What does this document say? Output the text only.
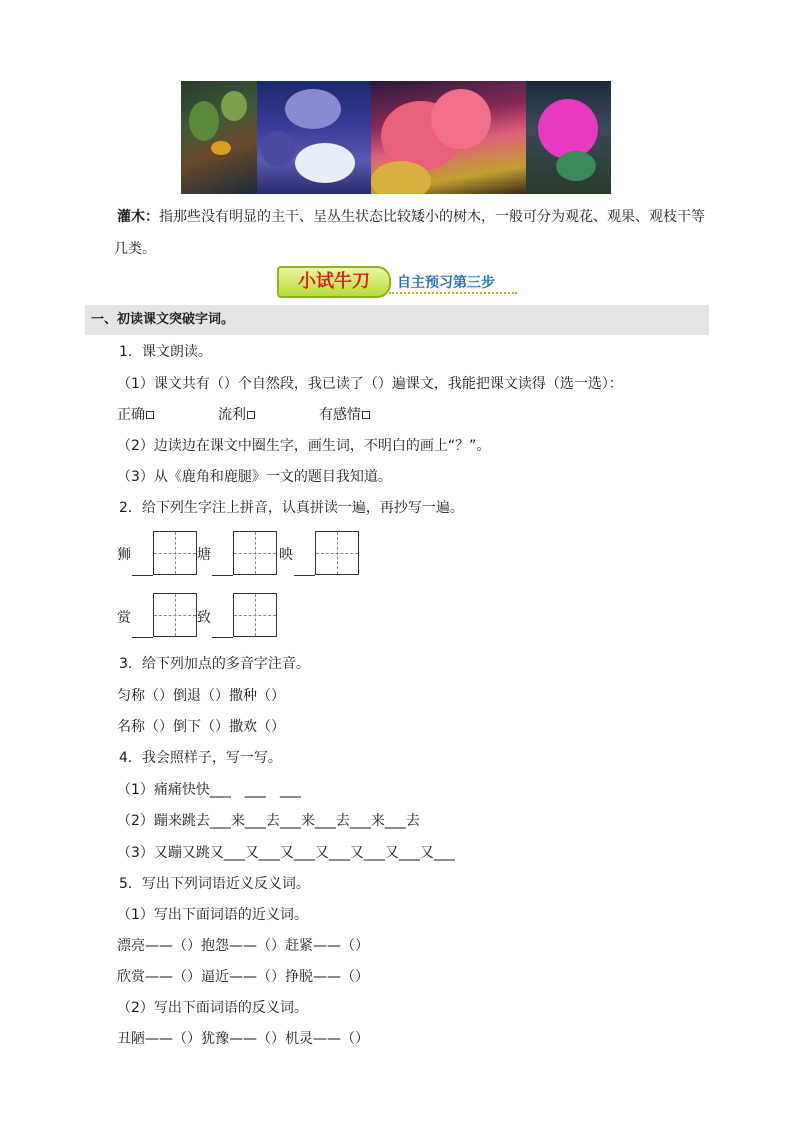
灌木：指那些没有明显的主干、呈丛生状态比较矮小的树木，一般可分为观花、观果、观枝干等
几类。
小试牛刀	自主预习第三步
一、初读课文突破字词。
1．课文朗读。
（1）课文共有（）个自然段，我已读了（）遍课文，我能把课文读得（选一选）：
正确	流利	有感情
（2）边读边在课文中圈生字，画生词，不明白的画上“？”。
（3）从《鹿角和鹿腿》一文的题目我知道。
2．给下列生字注上拼音，认真拼读一遍，再抄写一遍。
狮	塘	映
赏	致
3．给下列加点的多音字注音。
匀称（）倒退（）撒种（）
名称（）倒下（）撒欢（）
4．我会照样子，写一写。
（1）痛痛快快___　___　___
（2）蹦来跳去___来___去___来___去___来___去
（3）又蹦又跳又___又___又___又___又___又___又___
5．写出下列词语近义反义词。
（1）写出下面词语的近义词。
漂亮——（）抱怨——（）赶紧——（）
欣赏——（）逼近——（）挣脱——（）
（2）写出下面词语的反义词。
丑陋——（）犹豫——（）机灵——（）
